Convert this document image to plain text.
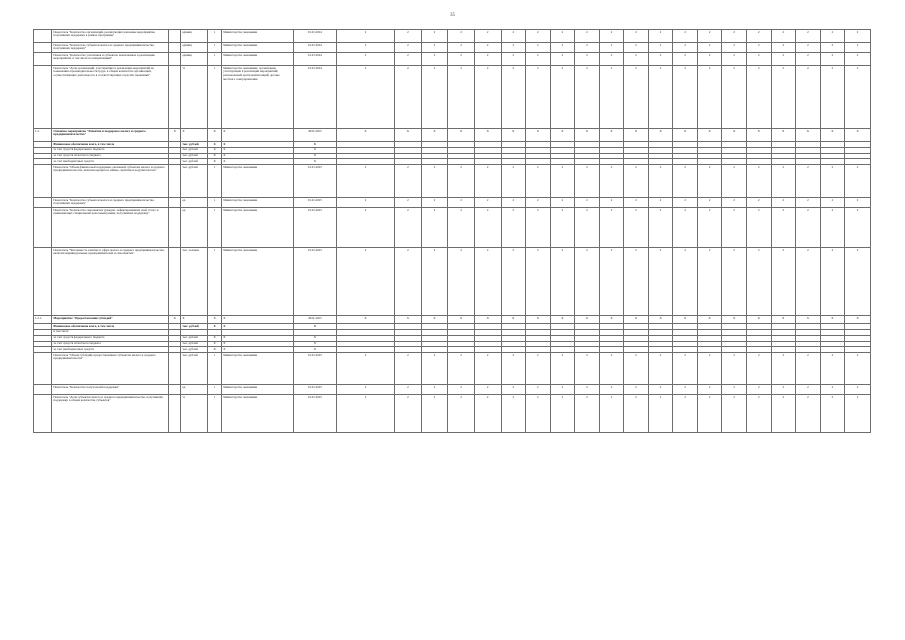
35
	Показатель "Количество организаций, реализующих ключевые мероприятия, получивших поддержку в рамках программы"		единиц	1	Министерство экономики	01.01.2024	2	2	2	2	2	2	2	2	2	2	2	2	2	2	2	2	2	2	2	2
	Показатель "Количество субъектов малого и среднего предпринимательства, получивших поддержку"		единиц	1	Министерство экономики	01.01.2024	2	2	2	2	2	2	2	2	2	2	2	2	2	2	2	2	2	2	2	2
	Показатель "Количество участников и субъектов, вовлеченных в реализацию мероприятий, в том числе по направлениям"		единиц	1	Министерство экономики	01.01.2024	2	2	2	2	2	2	2	2	2	2	2	2	2	2	2	2	2	2	2	2
	Показатель "Доля организаций, участвующих в реализации мероприятий по повышению производительности труда, в общем количестве организаций, осуществляющих деятельность в соответствующих отраслях экономики"		%	1	Министерство экономики; организации, участвующие в реализации мероприятий; региональный центр компетенций; органы местного самоуправления	01.01.2024	2	2	2	2	2	2	2	2	2	2	2	2	2	2	2	2	2	2	2	2
1.2.	Основное мероприятие "Развитие и поддержка малого и среднего предпринимательства"	Х	Х	Х	Х	2022-2025	Х	Х	Х	Х	Х	Х	Х	Х	Х	Х	Х	Х	Х	Х	Х	Х	Х	Х	Х	Х
	Финансовое обеспечение всего, в том числе		тыс. рублей	Х	Х	Х																				
	за счет средств федерального бюджета		тыс. рублей	Х	Х	Х																				
	за счет средств областного бюджета		тыс. рублей	Х	Х	Х																				
	за счет внебюджетных средств		тыс. рублей	Х	Х	Х																				
	Показатель "Объем финансовой поддержки, оказанной субъектам малого и среднего предпринимательства, включая кредиты и займы, гарантии и поручительства"		тыс. рублей	1	Министерство экономики	01.01.2025	2	2	2	2	2	2	2	2	2	2	2	2	2	2	2	2	2	2	2	2
	Показатель "Количество субъектов малого и среднего предпринимательства, получивших поддержку"		ед.	1	Министерство экономики	01.01.2025	2	2	2	2	2	2	2	2	2	2	2	2	2	2	2	2	2	2	2	2
	Показатель "Количество самозанятых граждан, зафиксировавших свой статус и применяющих специальный налоговый режим, получивших поддержку"		ед.	1	Министерство экономики	01.01.2025	2	2	2	2	2	2	2	2	2	2	2	2	2	2	2	2	2	2	2	2
	Показатель "Численность занятых в сфере малого и среднего предпринимательства, включая индивидуальных предпринимателей и самозанятых"		тыс. человек	1	Министерство экономики	01.01.2025	2	2	2	2	2	2	2	2	2	2	2	2	2	2	2	2	2	2	2	2
1.2.1.	Мероприятие "Предоставление субсидий"	Х	Х	Х	Х	2022-2025	Х	Х	Х	Х	Х	Х	Х	Х	Х	Х	Х	Х	Х	Х	Х	Х	Х	Х	Х	Х
	Финансовое обеспечение всего, в том числе		тыс. рублей	Х	Х	Х																				
	в том числе																									
	за счет средств федерального бюджета		тыс. рублей	Х	Х	Х																				
	за счет средств областного бюджета		тыс. рублей	Х	Х	Х																				
	за счет внебюджетных средств		тыс. рублей	Х	Х	Х																				
	Показатель "Объем субсидий, предоставленных субъектам малого и среднего предпринимательства"		тыс. рублей	1	Министерство экономики	01.01.2025	2	2	2	2	2	2	2	2	2	2	2	2	2	2	2	2	2	2	2	2
	Показатель "Количество получателей поддержки"		ед.	1	Министерство экономики	01.01.2025	2	2	2	2	2	2	2	2	2	2	2	2	2	2	2	2	2	2	2	2
	Показатель "Доля субъектов малого и среднего предпринимательства, получивших поддержку, в общем количестве субъектов"		%	1	Министерство экономики	01.01.2025	2	2	2	2	2	2	2	2	2	2	2	2	2	2	2	2	2	2	2	2
